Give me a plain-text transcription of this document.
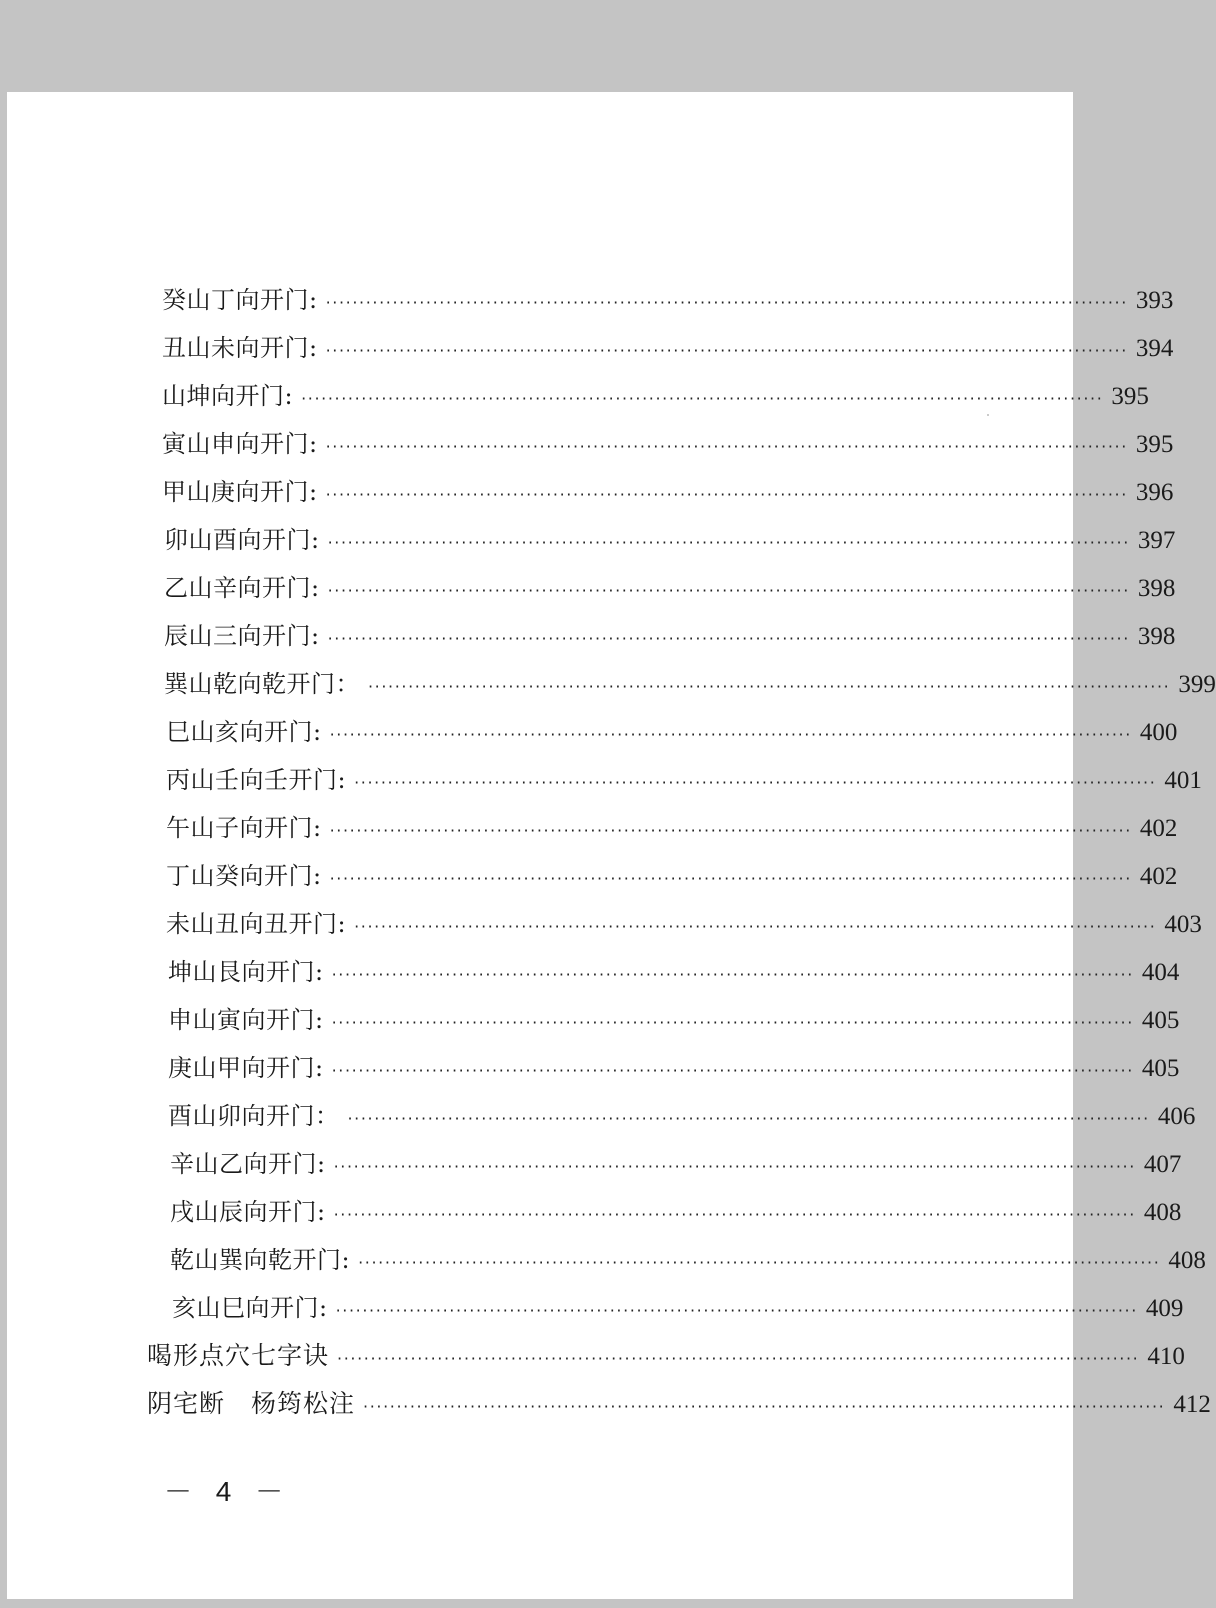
癸山丁向开门: ························································································································ 393
丑山未向开门: ························································································································ 394
山坤向开门: ························································································································ 395
寅山申向开门: ························································································································ 395
甲山庚向开门: ························································································································ 396
卯山酉向开门: ························································································································ 397
乙山辛向开门: ························································································································ 398
辰山三向开门: ························································································································ 398
巽山乾向乾开门： ························································································································ 399
巳山亥向开门: ························································································································ 400
丙山壬向壬开门: ························································································································ 401
午山子向开门: ························································································································ 402
丁山癸向开门: ························································································································ 402
未山丑向丑开门: ························································································································ 403
坤山艮向开门: ························································································································ 404
申山寅向开门: ························································································································ 405
庚山甲向开门: ························································································································ 405
酉山卯向开门： ························································································································ 406
辛山乙向开门: ························································································································ 407
戌山辰向开门: ························································································································ 408
乾山巽向乾开门: ························································································································ 408
亥山巳向开门: ························································································································ 409
喝形点穴七字诀 ························································································································ 410
阴宅断　杨筠松注 ························································································································ 412
－ 4 －
